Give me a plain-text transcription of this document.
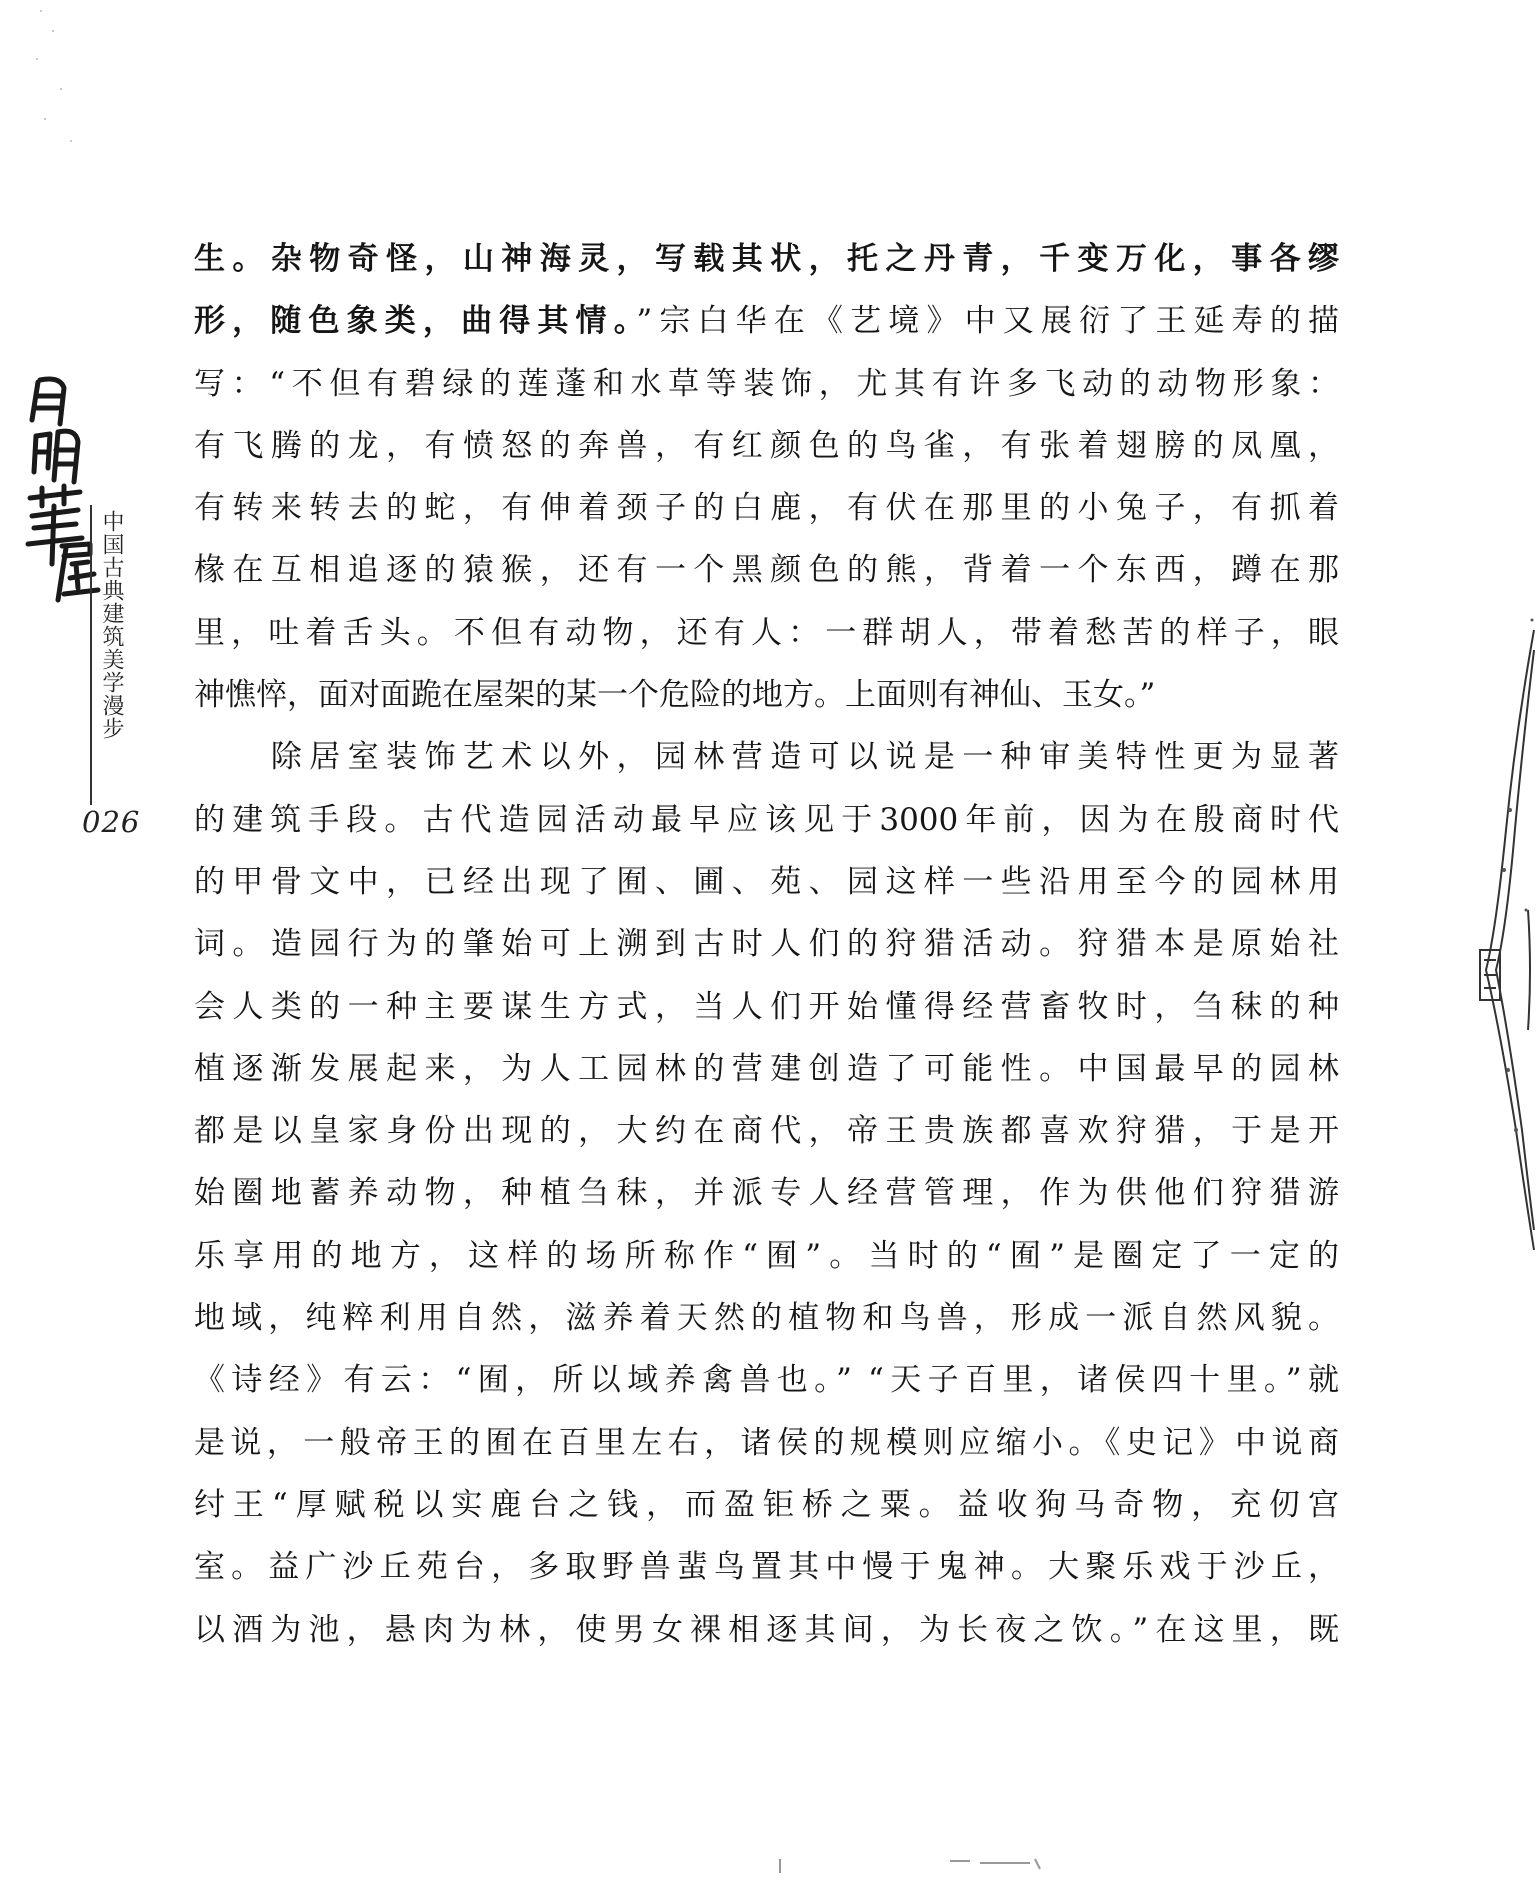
中国古典建筑美学漫步
026
生。杂物奇怪，山神海灵，写载其状，托之丹青，千变万化，事各缪
形，随色象类，曲得其情。”宗白华在《艺境》中又展衍了王延寿的描
写：“不但有碧绿的莲蓬和水草等装饰，尤其有许多飞动的动物形象：
有飞腾的龙，有愤怒的奔兽，有红颜色的鸟雀，有张着翅膀的凤凰，
有转来转去的蛇，有伸着颈子的白鹿，有伏在那里的小兔子，有抓着
椽在互相追逐的猿猴，还有一个黑颜色的熊，背着一个东西，蹲在那
里，吐着舌头。不但有动物，还有人：一群胡人，带着愁苦的样子，眼
神憔悴，面对面跪在屋架的某一个危险的地方。上面则有神仙、玉女。”
　　除居室装饰艺术以外，园林营造可以说是一种审美特性更为显著
的建筑手段。古代造园活动最早应该见于3000年前，因为在殷商时代
的甲骨文中，已经出现了囿、圃、苑、园这样一些沿用至今的园林用
词。造园行为的肇始可上溯到古时人们的狩猎活动。狩猎本是原始社
会人类的一种主要谋生方式，当人们开始懂得经营畜牧时，刍秣的种
植逐渐发展起来，为人工园林的营建创造了可能性。中国最早的园林
都是以皇家身份出现的，大约在商代，帝王贵族都喜欢狩猎，于是开
始圈地蓄养动物，种植刍秣，并派专人经营管理，作为供他们狩猎游
乐享用的地方，这样的场所称作“囿”。当时的“囿”是圈定了一定的
地域，纯粹利用自然，滋养着天然的植物和鸟兽，形成一派自然风貌。
《诗经》有云：“囿，所以域养禽兽也。” “天子百里，诸侯四十里。”就
是说，一般帝王的囿在百里左右，诸侯的规模则应缩小。《史记》中说商
纣王“厚赋税以实鹿台之钱，而盈钜桥之粟。益收狗马奇物，充仞宫
室。益广沙丘苑台，多取野兽蜚鸟置其中慢于鬼神。大聚乐戏于沙丘，
以酒为池，悬肉为林，使男女裸相逐其间，为长夜之饮。”在这里，既
